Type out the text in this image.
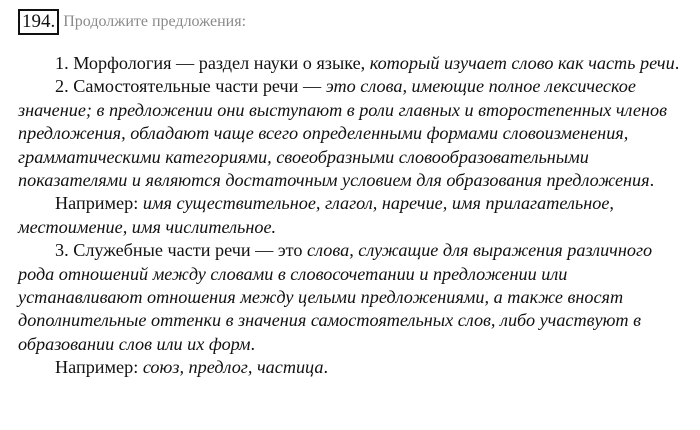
194. Продолжите предложения:

1. Морфология — раздел науки о языке, который изучает слово как часть речи.

2. Самостоятельные части речи — это слова, имеющие полное лексическое значение; в предложении они выступают в роли главных и второстепенных членов предложения, обладают чаще всего определенными формами словоизменения, грамматическими категориями, своеобразными словообразовательными показателями и являются достаточным условием для образования предложения.

Например: имя существительное, глагол, наречие, имя прилагательное, местоимение, имя числительное.

3. Служебные части речи — это слова, служащие для выражения различного рода отношений между словами в словосочетании и предложении или устанавливают отношения между целыми предложениями, а также вносят дополнительные оттенки в значения самостоятельных слов, либо участвуют в образовании слов или их форм.

Например: союз, предлог, частица.
